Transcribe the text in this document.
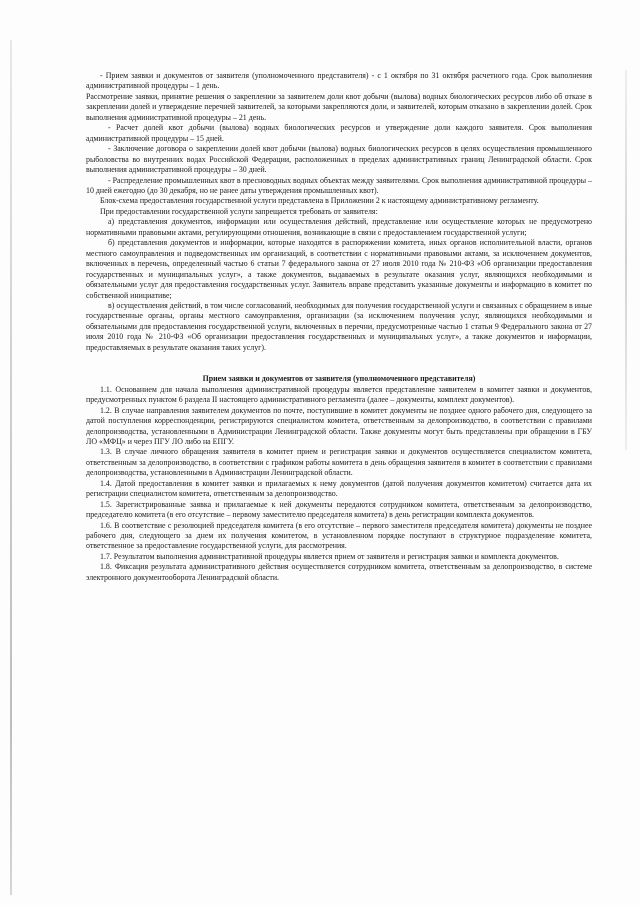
- Прием заявки и документов от заявителя (уполномоченного представителя) - с 1 октября по 31 октября расчетного года. Срок выполнения административной процедуры – 1 день.

Рассмотрение заявки, принятие решения о закреплении за заявителем доли квот добычи (вылова) водных биологических ресурсов либо об отказе в закреплении долей и утверждение перечней заявителей, за которыми закрепляются доли, и заявителей, которым отказано в закреплении долей. Срок выполнения административной процедуры – 21 день.

- Расчет долей квот добычи (вылова) водных биологических ресурсов и утверждение доли каждого заявителя. Срок выполнения административной процедуры – 15 дней.

- Заключение договора о закреплении долей квот добычи (вылова) водных биологических ресурсов в целях осуществления промышленного рыболовства во внутренних водах Российской Федерации, расположенных в пределах административных границ Ленинградской области. Срок выполнения административной процедуры – 30 дней.

- Распределение промышленных квот в пресноводных водных объектах между заявителями. Срок выполнения административной процедуры – 10 дней ежегодно (до 30 декабря, но не ранее даты утверждения промышленных квот).

Блок-схема предоставления государственной услуги представлена в Приложении 2 к настоящему административному регламенту.

При предоставлении государственной услуги запрещается требовать от заявителя:

а) представления документов, информации или осуществления действий, представление или осуществление которых не предусмотрено нормативными правовыми актами, регулирующими отношения, возникающие в связи с предоставлением государственной услуги;

б) представления документов и информации, которые находятся в распоряжении комитета, иных органов исполнительной власти, органов местного самоуправления и подведомственных им организаций, в соответствии с нормативными правовыми актами, за исключением документов, включенных в перечень, определенный частью 6 статьи 7 федерального закона от 27 июля 2010 года № 210-ФЗ «Об организации предоставления государственных и муниципальных услуг», а также документов, выдаваемых в результате оказания услуг, являющихся необходимыми и обязательными услуг для предоставления государственных услуг. Заявитель вправе представить указанные документы и информацию в комитет по собственной инициативе;

в) осуществления действий, в том числе согласований, необходимых для получения государственной услуги и связанных с обращением в иные государственные органы, органы местного самоуправления, организации (за исключением получения услуг, являющихся необходимыми и обязательными для предоставления государственной услуги, включенных в перечни, предусмотренные частью 1 статьи 9 Федерального закона от 27 июля 2010 года № 210-ФЗ «Об организации предоставления государственных и муниципальных услуг», а также документов и информации, предоставляемых в результате оказания таких услуг).

Прием заявки и документов от заявителя (уполномоченного представителя)

1.1. Основанием для начала выполнения административной процедуры является представление заявителем в комитет заявки и документов, предусмотренных пунктом 6 раздела II настоящего административного регламента (далее – документы, комплект документов).

1.2. В случае направления заявителем документов по почте, поступившие в комитет документы не позднее одного рабочего дня, следующего за датой поступления корреспонденции, регистрируются специалистом комитета, ответственным за делопроизводство, в соответствии с правилами делопроизводства, установленными в Администрации Ленинградской области. Также документы могут быть представлены при обращении в ГБУ ЛО «МФЦ» и через ПГУ ЛО либо на ЕПГУ.

1.3. В случае личного обращения заявителя в комитет прием и регистрация заявки и документов осуществляется специалистом комитета, ответственным за делопроизводство, в соответствии с графиком работы комитета в день обращения заявителя в комитет в соответствии с правилами делопроизводства, установленными в Администрации Ленинградской области.

1.4. Датой предоставления в комитет заявки и прилагаемых к нему документов (датой получения документов комитетом) считается дата их регистрации специалистом комитета, ответственным за делопроизводство.

1.5. Зарегистрированные заявка и прилагаемые к ней документы передаются сотрудником комитета, ответственным за делопроизводство, председателю комитета (в его отсутствие – первому заместителю председателя комитета) в день регистрации комплекта документов.

1.6. В соответствие с резолюцией председателя комитета (в его отсутствие – первого заместителя председателя комитета) документы не позднее рабочего дня, следующего за днем их получения комитетом, в установленном порядке поступают в структурное подразделение комитета, ответственное за предоставление государственной услуги, для рассмотрения.

1.7. Результатом выполнения административной процедуры является прием от заявителя и регистрация заявки и комплекта документов.

1.8. Фиксация результата административного действия осуществляется сотрудником комитета, ответственным за делопроизводство, в системе электронного документооборота Ленинградской области.
